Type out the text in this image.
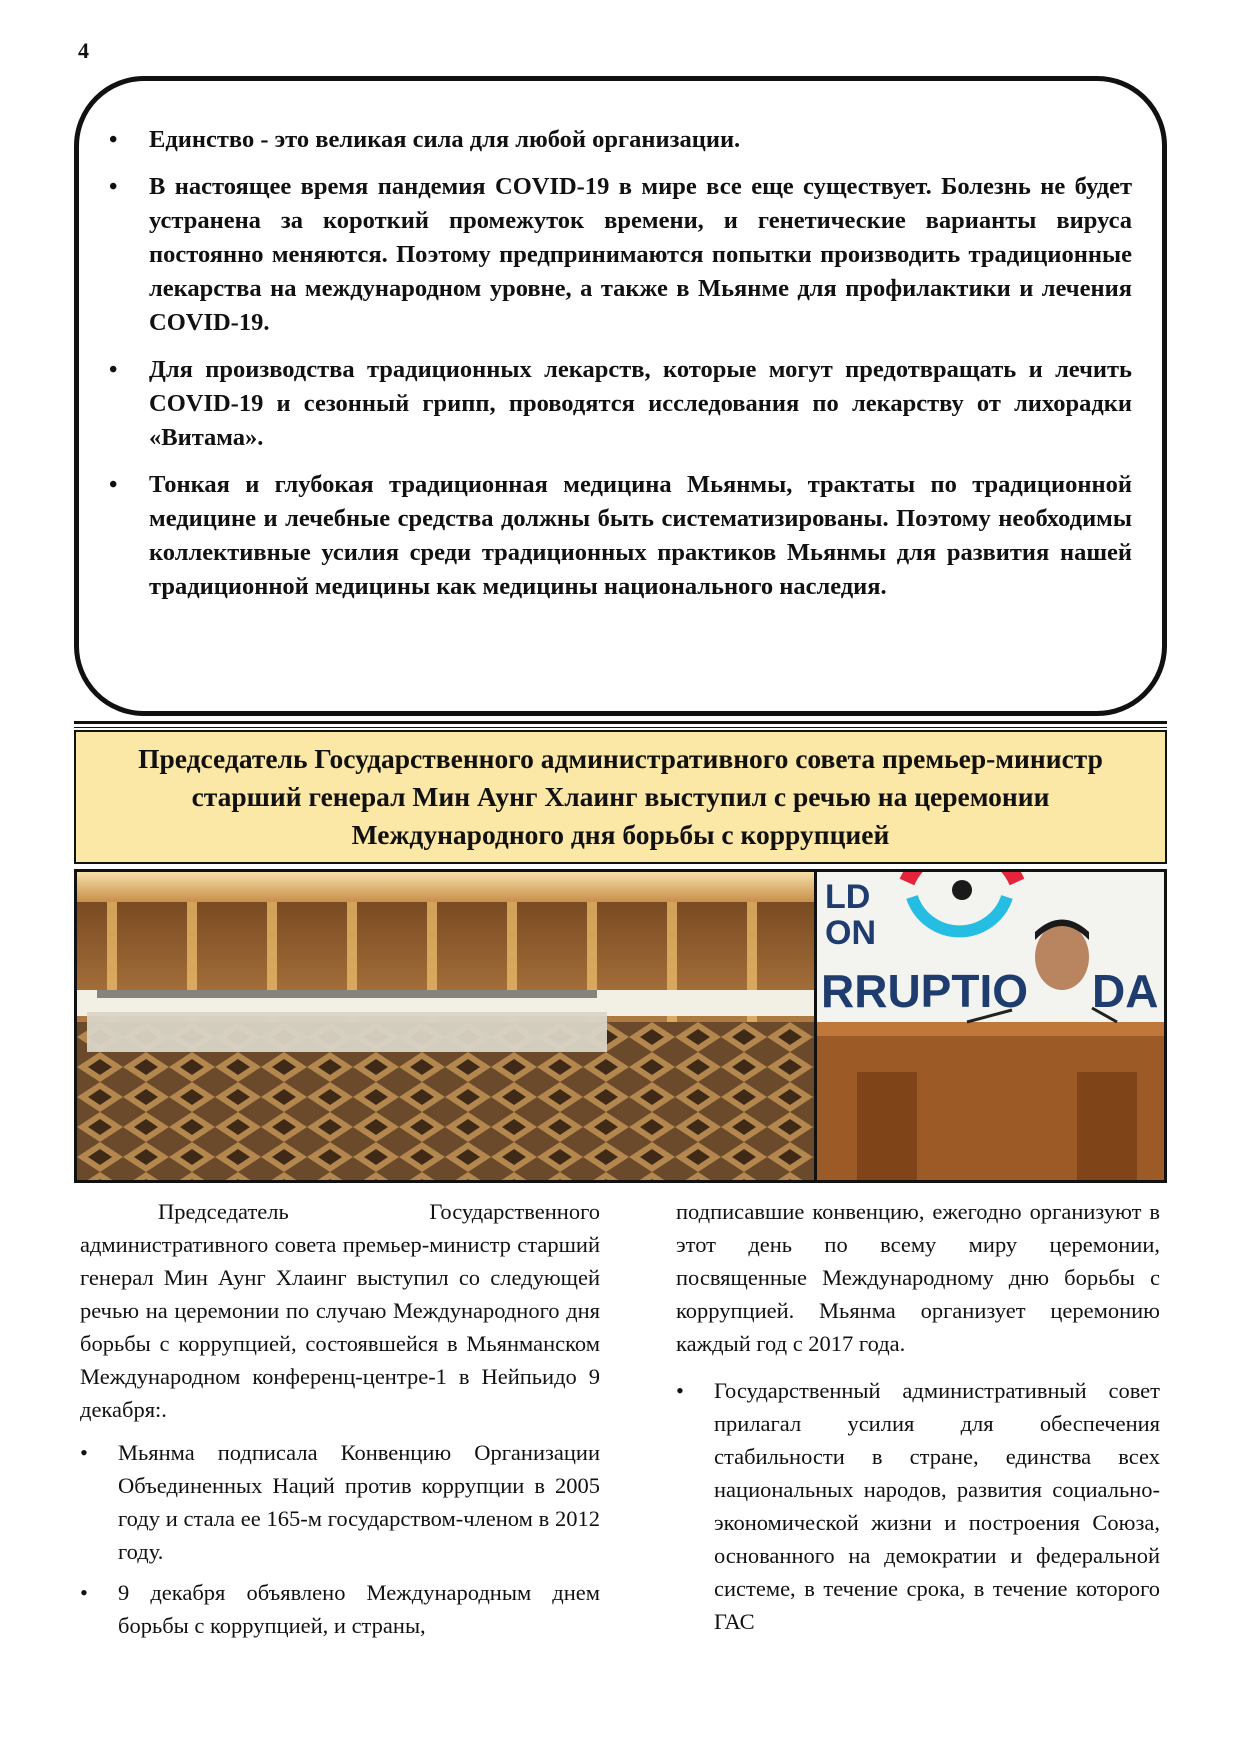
4
• Единство - это великая сила для любой организации.
• В настоящее время пандемия COVID-19 в мире все еще существует. Болезнь не будет устранена за короткий промежуток времени, и генетические варианты вируса постоянно меняются. Поэтому предпринимаются попытки производить традиционные лекарства на международном уровне, а также в Мьянме для профилактики и лечения COVID-19.
• Для производства традиционных лекарств, которые могут предотвращать и лечить COVID-19 и сезонный грипп, проводятся исследования по лекарству от лихорадки «Витама».
• Тонкая и глубокая традиционная медицина Мьянмы, трактаты по традиционной медицине и лечебные средства должны быть систематизированы. Поэтому необходимы коллективные усилия среди традиционных практиков Мьянмы для развития нашей традиционной медицины как медицины национального наследия.
Председатель Государственного административного совета премьер-министр старший генерал Мин Аунг Хлаинг выступил с речью на церемонии Международного дня борьбы с коррупцией
LD
ON
RRUPTIO DA

Председатель Государственного административного совета премьер-министр старший генерал Мин Аунг Хлаинг выступил со следующей речью на церемонии по случаю Международного дня борьбы с коррупцией, состоявшейся в Мьянманском Международном конференц-центре-1 в Нейпьидо 9 декабря:.

• Мьянма подписала Конвенцию Организации Объединенных Наций против коррупции в 2005 году и стала ее 165-м государством-членом в 2012 году.
• 9 декабря объявлено Международным днем борьбы с коррупцией, и страны,

подписавшие конвенцию, ежегодно организуют в этот день по всему миру церемонии, посвященные Международному дню борьбы с коррупцией. Мьянма организует церемонию каждый год с 2017 года.

• Государственный административный совет прилагал усилия для обеспечения стабильности в стране, единства всех национальных народов, развития социально-экономической жизни и построения Союза, основанного на демократии и федеральной системе, в течение срока, в течение которого ГАС
